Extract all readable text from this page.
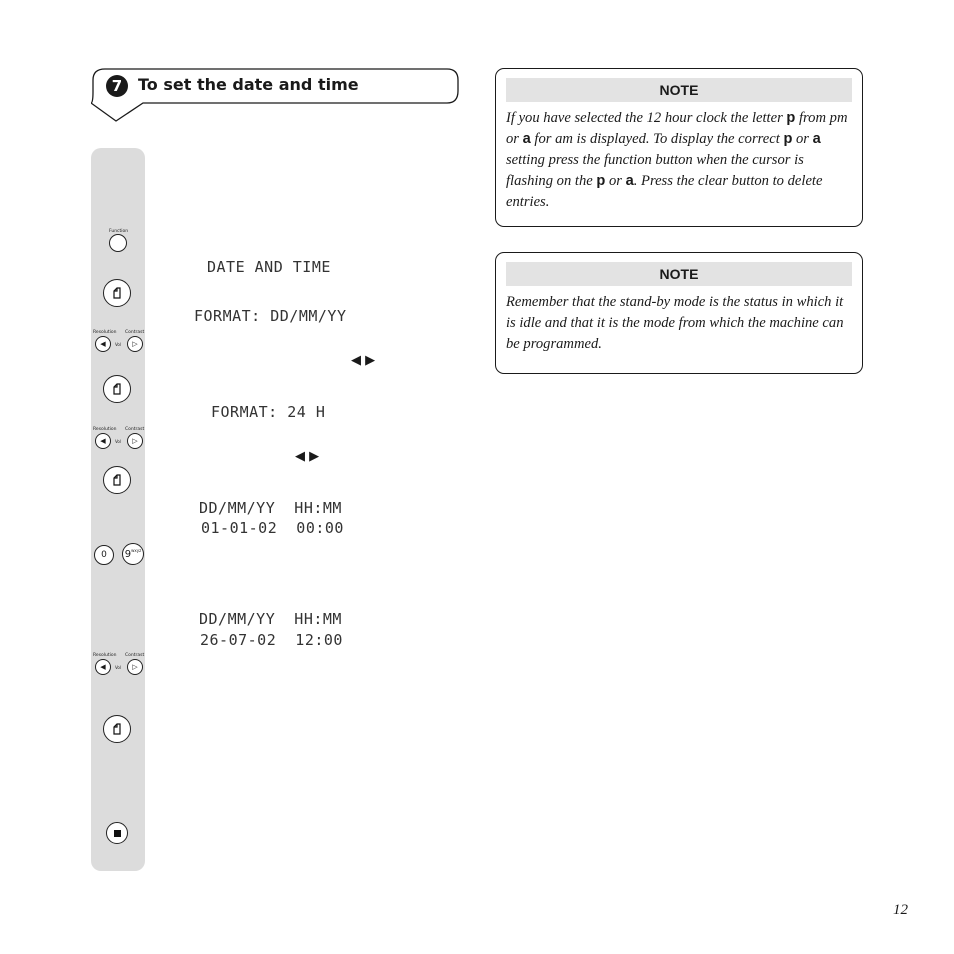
7 To set the date and time
Function
Resolution Contrast
◀	Vol	▷
Resolution Contrast
◀	Vol	▷
0 9 wxyz
Resolution Contrast
◀	Vol	▷
DATE AND TIME
FORMAT: DD/MM/YY
◀ ▶
FORMAT: 24 H
◀ ▶
DD/MM/YY  HH:MM
01-01-02  00:00
DD/MM/YY  HH:MM
26-07-02  12:00
NOTE
If you have selected the 12 hour clock the letter p from pm or a for am is displayed. To display the correct p or a setting press the function button when the cursor is flashing on the p or a. Press the clear button to delete entries.
NOTE
Remember that the stand-by mode is the status in which it is idle and that it is the mode from which the machine can be programmed.
12
